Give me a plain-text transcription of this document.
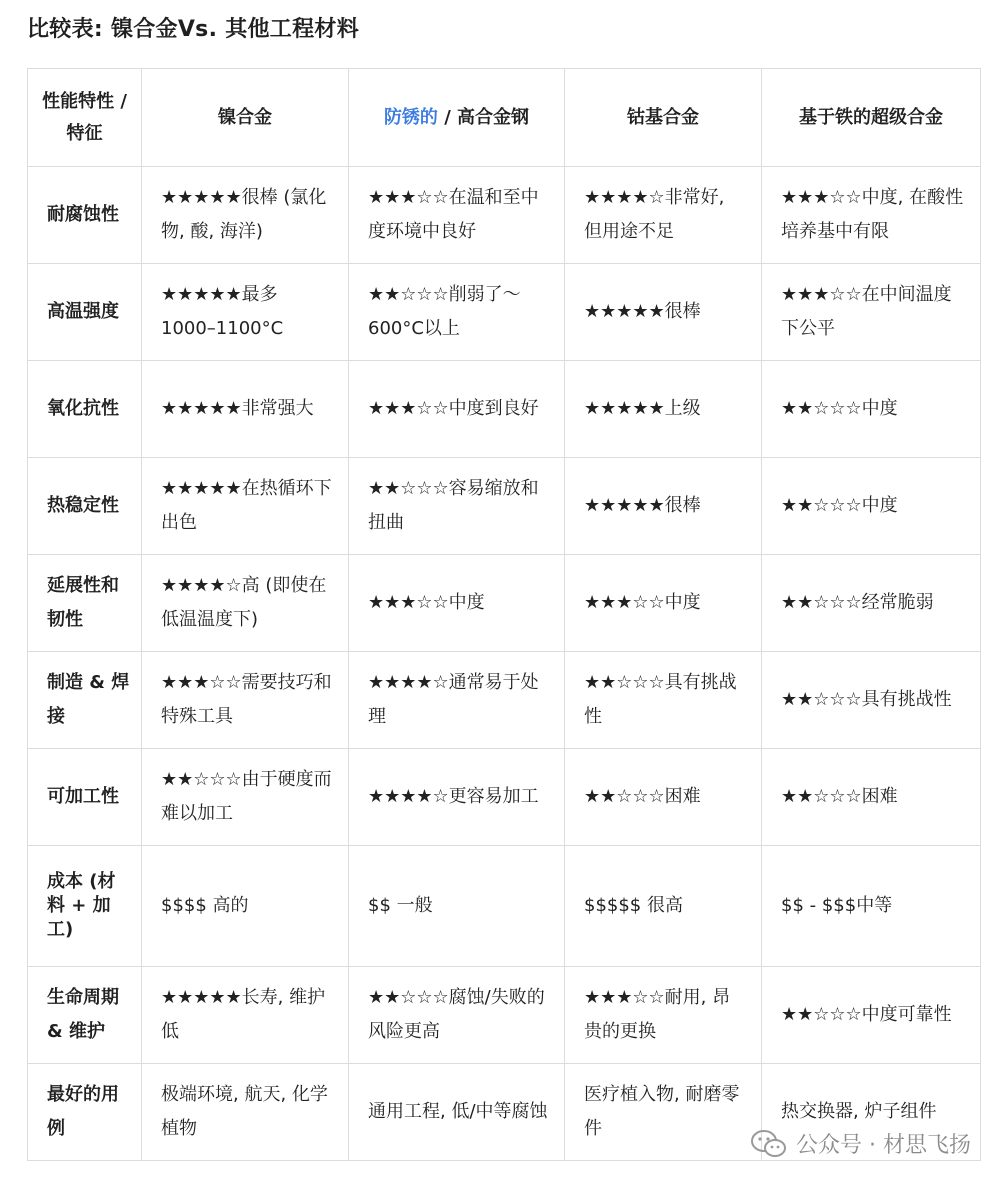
比较表: 镍合金Vs. 其他工程材料
性能特性 / 特征	镍合金	防锈的 / 高合金钢	钴基合金	基于铁的超级合金
耐腐蚀性	★★★★★很棒 (氯化物, 酸, 海洋)	★★★☆☆在温和至中度环境中良好	★★★★☆非常好, 但用途不足	★★★☆☆中度, 在酸性培养基中有限
高温强度	★★★★★最多 1000–1100°C	★★☆☆☆削弱了～600°C以上	★★★★★很棒	★★★☆☆在中间温度下公平
氧化抗性	★★★★★非常强大	★★★☆☆中度到良好	★★★★★上级	★★☆☆☆中度
热稳定性	★★★★★在热循环下出色	★★☆☆☆容易缩放和扭曲	★★★★★很棒	★★☆☆☆中度
延展性和韧性	★★★★☆高 (即使在低温温度下)	★★★☆☆中度	★★★☆☆中度	★★☆☆☆经常脆弱
制造 & 焊接	★★★☆☆需要技巧和特殊工具	★★★★☆通常易于处理	★★☆☆☆具有挑战性	★★☆☆☆具有挑战性
可加工性	★★☆☆☆由于硬度而难以加工	★★★★☆更容易加工	★★☆☆☆困难	★★☆☆☆困难
成本 (材料 + 加工)	$$$$ 高的	$$ 一般	$$$$$ 很高	$$ - $$$中等
生命周期 & 维护	★★★★★长寿, 维护低	★★☆☆☆腐蚀/失败的风险更高	★★★☆☆耐用, 昂贵的更换	★★☆☆☆中度可靠性
最好的用例	极端环境, 航天, 化学植物	通用工程, 低/中等腐蚀	医疗植入物, 耐磨零件	热交换器, 炉子组件
公众号 · 材思飞扬
